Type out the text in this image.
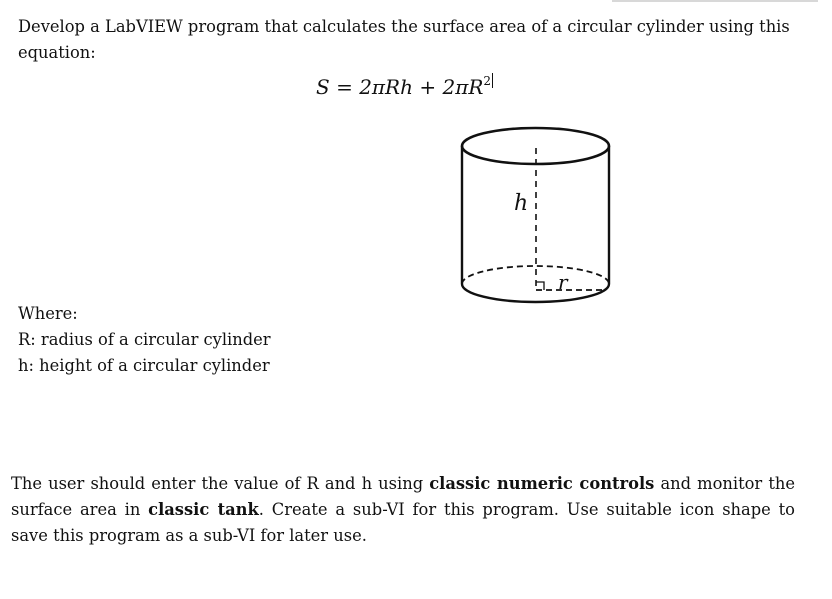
Develop a LabVIEW program that calculates the surface area of a circular cylinder using this
equation:

$S = 2\pi Rh + 2\pi R^2$
h
r
Where:
R: radius of a circular cylinder
h: height of a circular cylinder

The user should enter the value of R and h using classic numeric controls and monitor the surface area in classic tank. Create a sub-VI for this program. Use suitable icon shape to save this program as a sub-VI for later use.
